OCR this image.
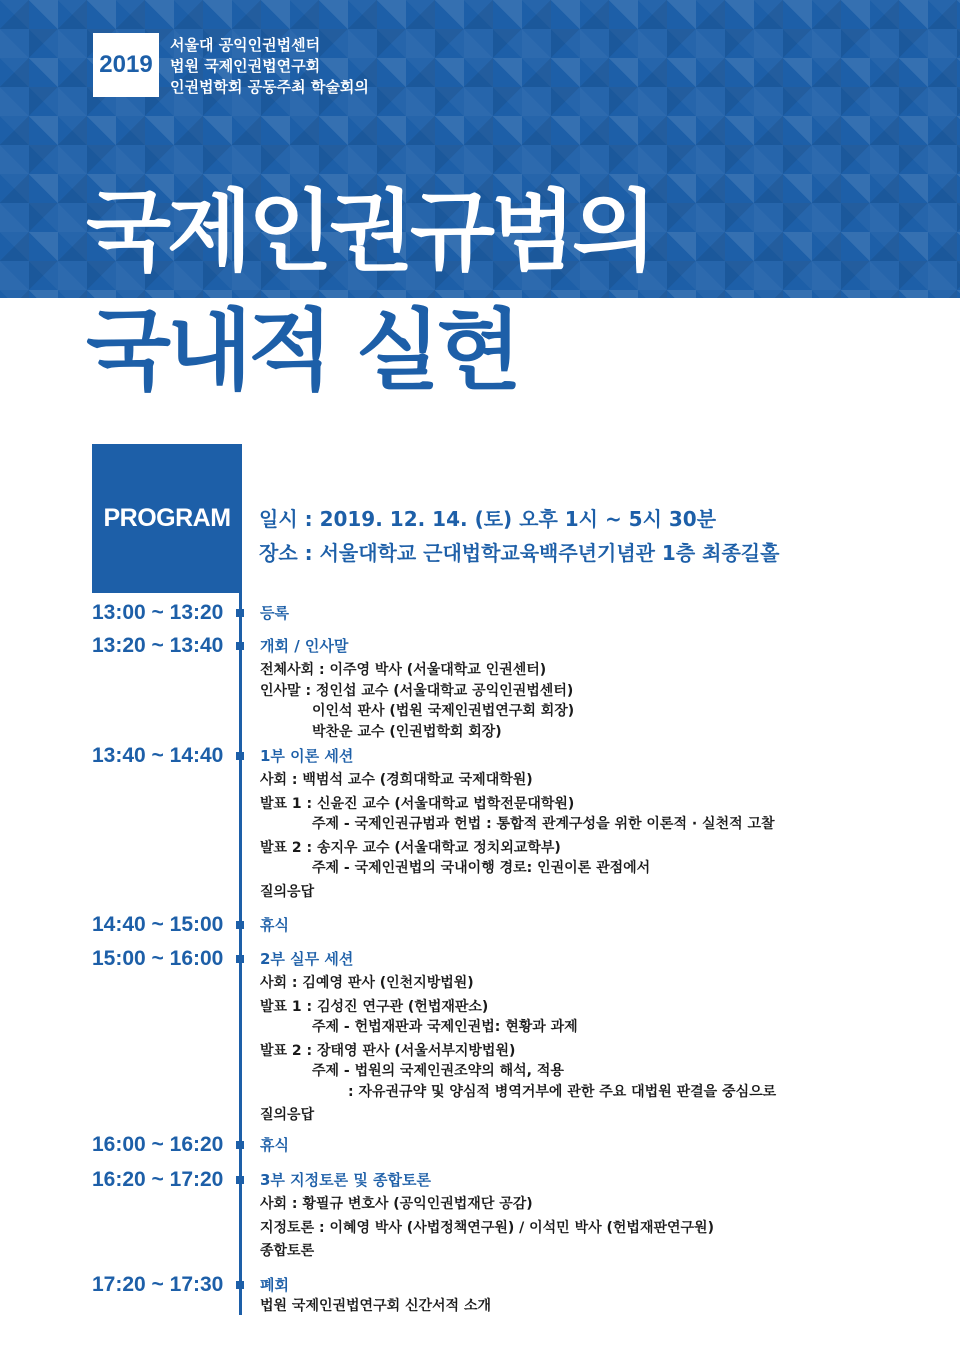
2019
서울대 공익인권법센터
법원 국제인권법연구회
인권법학회 공동주최 학술회의
국제인권규범의
국내적 실현
PROGRAM	일시 : 2019. 12. 14. (토) 오후 1시 ~ 5시 30분
장소 : 서울대학교 근대법학교육백주년기념관 1층 최종길홀
13:00 ~ 13:20	등록
13:20 ~ 13:40	개회 / 인사말
전체사회 : 이주영 박사 (서울대학교 인권센터)
인사말 : 정인섭 교수 (서울대학교 공익인권법센터)
이인석 판사 (법원 국제인권법연구회 회장)
박찬운 교수 (인권법학회 회장)
13:40 ~ 14:40	1부 이론 세션
사회 : 백범석 교수 (경희대학교 국제대학원)
발표 1 : 신윤진 교수 (서울대학교 법학전문대학원)
주제 - 국제인권규범과 헌법 : 통합적 관계구성을 위한 이론적 · 실천적 고찰
발표 2 : 송지우 교수 (서울대학교 정치외교학부)
주제 - 국제인권법의 국내이행 경로: 인권이론 관점에서
질의응답
14:40 ~ 15:00	휴식
15:00 ~ 16:00	2부 실무 세션
사회 : 김예영 판사 (인천지방법원)
발표 1 : 김성진 연구관 (헌법재판소)
주제 - 헌법재판과 국제인권법: 현황과 과제
발표 2 : 장태영 판사 (서울서부지방법원)
주제 - 법원의 국제인권조약의 해석, 적용
: 자유권규약 및 양심적 병역거부에 관한 주요 대법원 판결을 중심으로
질의응답
16:00 ~ 16:20	휴식
16:20 ~ 17:20	3부 지정토론 및 종합토론
사회 : 황필규 변호사 (공익인권법재단 공감)
지정토론 : 이혜영 박사 (사법정책연구원) / 이석민 박사 (헌법재판연구원)
종합토론
17:20 ~ 17:30	폐회
법원 국제인권법연구회 신간서적 소개
